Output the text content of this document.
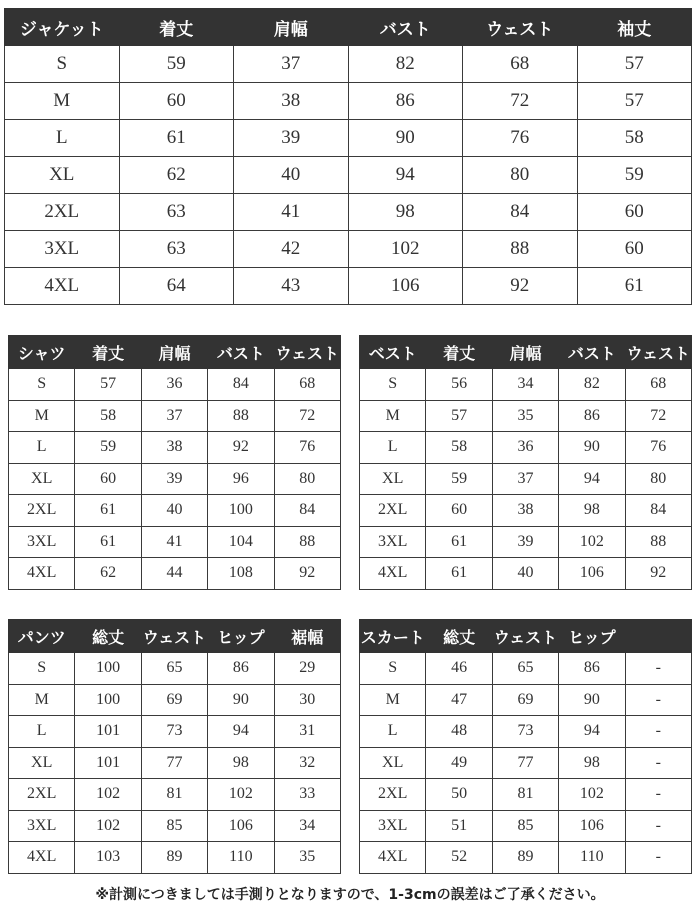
ジャケット	着丈	肩幅	バスト	ウェスト	袖丈
S	59	37	82	68	57
M	60	38	86	72	57
L	61	39	90	76	58
XL	62	40	94	80	59
2XL	63	41	98	84	60
3XL	63	42	102	88	60
4XL	64	43	106	92	61
シャツ	着丈	肩幅	バスト	ウェスト
S	57	36	84	68
M	58	37	88	72
L	59	38	92	76
XL	60	39	96	80
2XL	61	40	100	84
3XL	61	41	104	88
4XL	62	44	108	92
ベスト	着丈	肩幅	バスト	ウェスト
S	56	34	82	68
M	57	35	86	72
L	58	36	90	76
XL	59	37	94	80
2XL	60	38	98	84
3XL	61	39	102	88
4XL	61	40	106	92
パンツ	総丈	ウェスト	ヒップ	裾幅
S	100	65	86	29
M	100	69	90	30
L	101	73	94	31
XL	101	77	98	32
2XL	102	81	102	33
3XL	102	85	106	34
4XL	103	89	110	35
スカート	総丈	ウェスト	ヒップ	
S	46	65	86	-
M	47	69	90	-
L	48	73	94	-
XL	49	77	98	-
2XL	50	81	102	-
3XL	51	85	106	-
4XL	52	89	110	-
※計測につきましては手測りとなりますので、1-3cmの誤差はご了承ください。
